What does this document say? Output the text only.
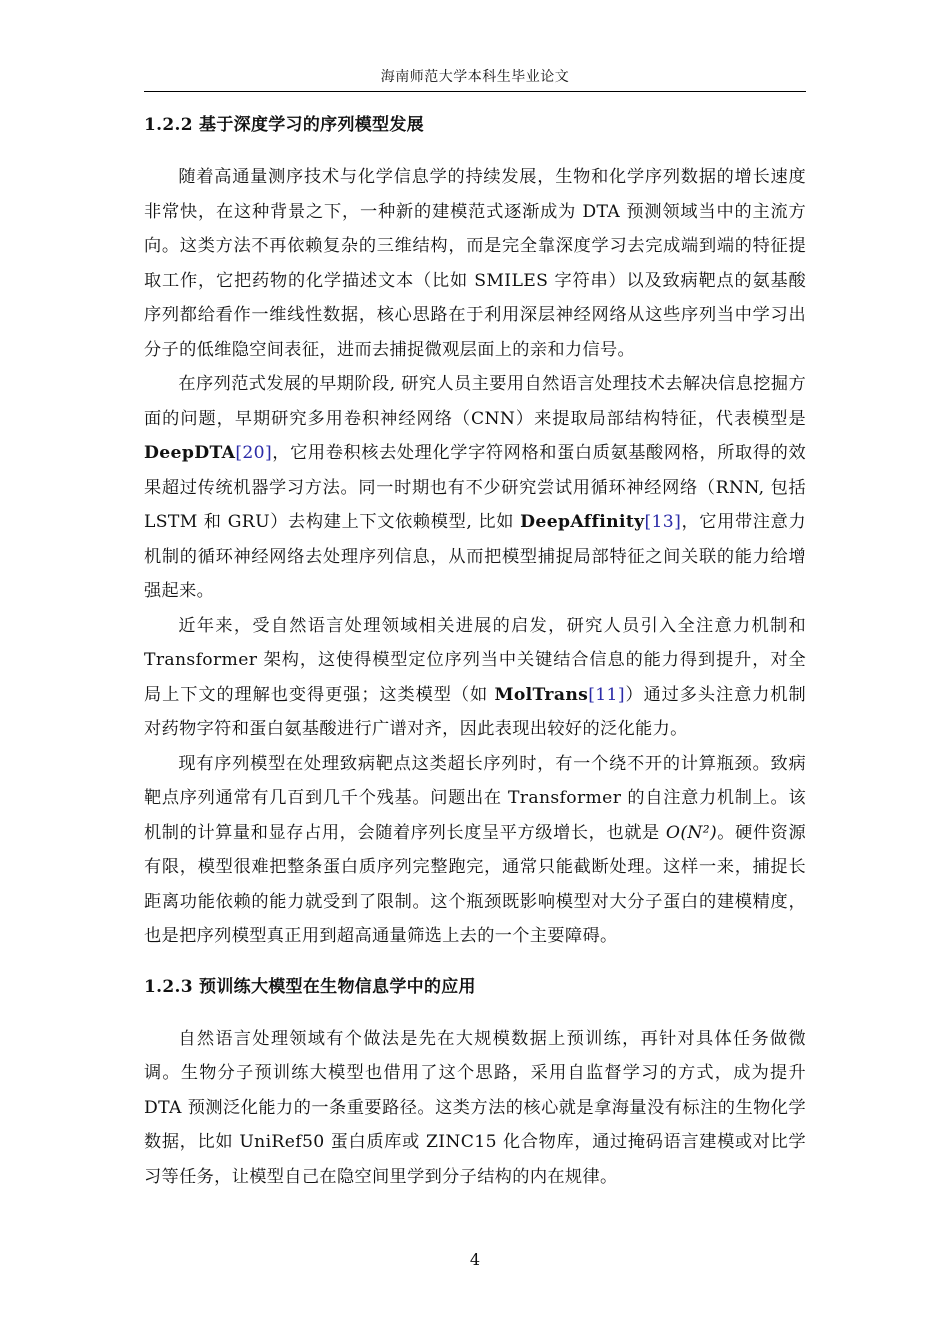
海南师范大学本科生毕业论文
1.2.2 基于深度学习的序列模型发展

随着高通量测序技术与化学信息学的持续发展，生物和化学序列数据的增长速度非常快，在这种背景之下，一种新的建模范式逐渐成为 DTA 预测领域当中的主流方向。这类方法不再依赖复杂的三维结构，而是完全靠深度学习去完成端到端的特征提取工作，它把药物的化学描述文本（比如 SMILES 字符串）以及致病靶点的氨基酸序列都给看作一维线性数据，核心思路在于利用深层神经网络从这些序列当中学习出分子的低维隐空间表征，进而去捕捉微观层面上的亲和力信号。

在序列范式发展的早期阶段, 研究人员主要用自然语言处理技术去解决信息挖掘方面的问题，早期研究多用卷积神经网络（CNN）来提取局部结构特征，代表模型是 DeepDTA[20]，它用卷积核去处理化学字符网格和蛋白质氨基酸网格，所取得的效果超过传统机器学习方法。同一时期也有不少研究尝试用循环神经网络（RNN, 包括 LSTM 和 GRU）去构建上下文依赖模型, 比如 DeepAffinity[13]，它用带注意力机制的循环神经网络去处理序列信息，从而把模型捕捉局部特征之间关联的能力给增强起来。

近年来，受自然语言处理领域相关进展的启发，研究人员引入全注意力机制和 Transformer 架构，这使得模型定位序列当中关键结合信息的能力得到提升，对全局上下文的理解也变得更强；这类模型（如 MolTrans[11]）通过多头注意力机制对药物字符和蛋白氨基酸进行广谱对齐，因此表现出较好的泛化能力。

现有序列模型在处理致病靶点这类超长序列时，有一个绕不开的计算瓶颈。致病靶点序列通常有几百到几千个残基。问题出在 Transformer 的自注意力机制上。该机制的计算量和显存占用，会随着序列长度呈平方级增长，也就是 O(N²)。硬件资源有限，模型很难把整条蛋白质序列完整跑完，通常只能截断处理。这样一来，捕捉长距离功能依赖的能力就受到了限制。这个瓶颈既影响模型对大分子蛋白的建模精度，也是把序列模型真正用到超高通量筛选上去的一个主要障碍。

1.2.3 预训练大模型在生物信息学中的应用

自然语言处理领域有个做法是先在大规模数据上预训练，再针对具体任务做微调。生物分子预训练大模型也借用了这个思路，采用自监督学习的方式，成为提升 DTA 预测泛化能力的一条重要路径。这类方法的核心就是拿海量没有标注的生物化学数据，比如 UniRef50 蛋白质库或 ZINC15 化合物库，通过掩码语言建模或对比学习等任务，让模型自己在隐空间里学到分子结构的内在规律。

4
